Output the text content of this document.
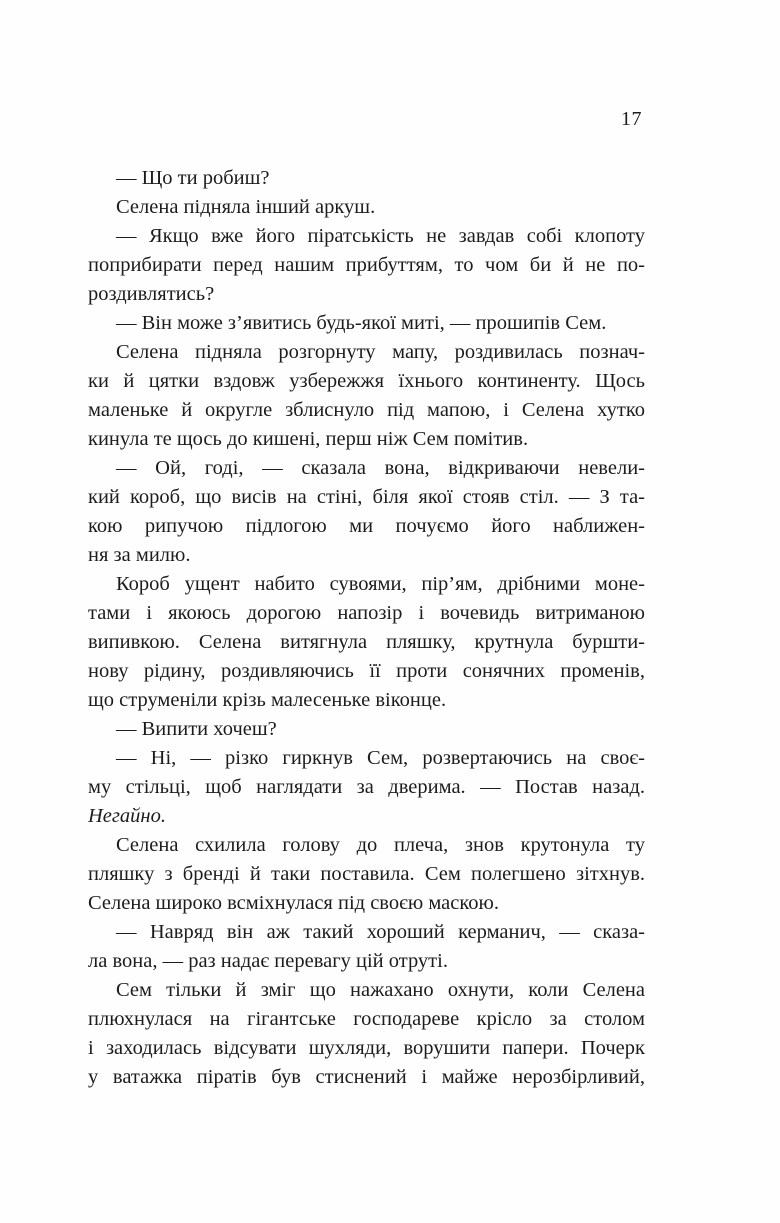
17
— Що ти робиш?
Селена підняла інший аркуш.
— Якщо вже його піратськість не завдав собі клопоту
поприбирати перед нашим прибуттям, то чом би й не по-
роздивлятись?
— Він може з’явитись будь-якої миті, — прошипів Сем.
Селена підняла розгорнуту мапу, роздивилась познач-
ки й цятки вздовж узбережжя їхнього континенту. Щось
маленьке й округле зблиснуло під мапою, і Селена хутко
кинула те щось до кишені, перш ніж Сем помітив.
— Ой, годі, — сказала вона, відкриваючи невели-
кий короб, що висів на стіні, біля якої стояв стіл. — З та-
кою рипучою підлогою ми почуємо його наближен-
ня за милю.
Короб ущент набито сувоями, пір’ям, дрібними моне-
тами і якоюсь дорогою напозір і вочевидь витриманою
випивкою. Селена витягнула пляшку, крутнула буршти-
нову рідину, роздивляючись її проти сонячних променів,
що струменіли крізь малесеньке віконце.
— Випити хочеш?
— Ні, — різко гиркнув Сем, розвертаючись на своє-
му стільці, щоб наглядати за дверима. — Постав назад.
Негайно.
Селена схилила голову до плеча, знов крутонула ту
пляшку з бренді й таки поставила. Сем полегшено зітхнув.
Селена широко всміхнулася під своєю маскою.
— Навряд він аж такий хороший керманич, — сказа-
ла вона, — раз надає перевагу цій отруті.
Сем тільки й зміг що нажахано охнути, коли Селена
плюхнулася на гігантське господареве крісло за столом
і заходилась відсувати шухляди, ворушити папери. Почерк
у ватажка піратів був стиснений і майже нерозбірливий,
